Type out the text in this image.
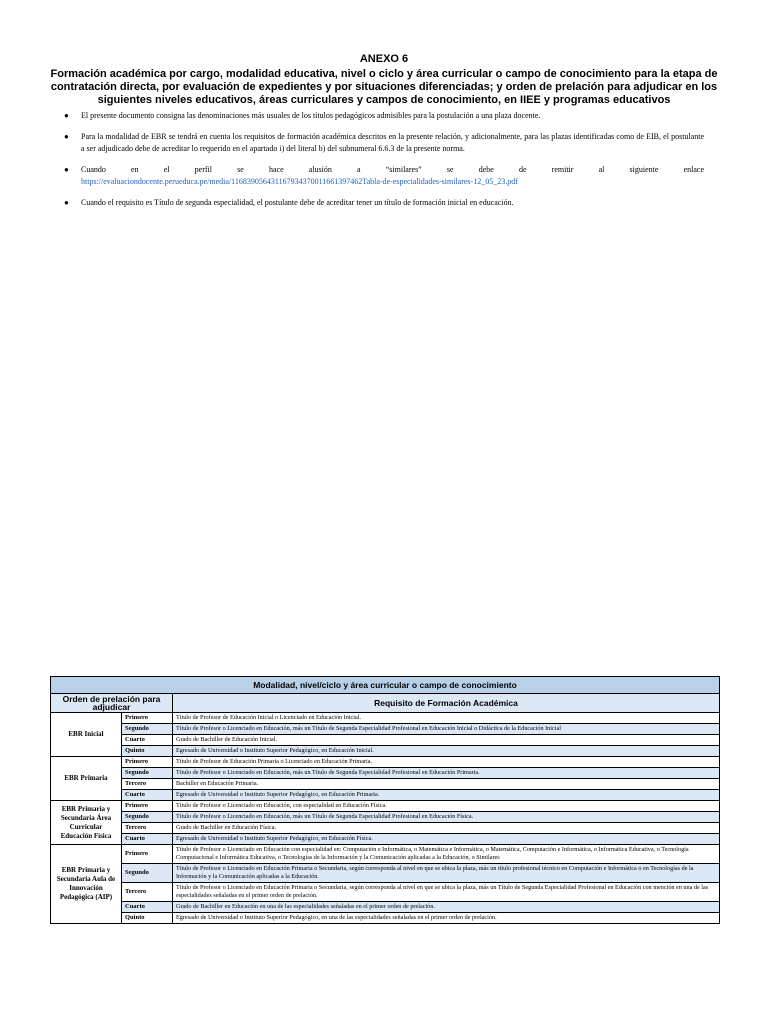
ANEXO 6
Formación académica por cargo, modalidad educativa, nivel o ciclo y área curricular o campo de conocimiento para la etapa de contratación directa, por evaluación de expedientes y por situaciones diferenciadas; y orden de prelación para adjudicar en los siguientes niveles educativos, áreas curriculares y campos de conocimiento, en IIEE y programas educativos
● El presente documento consigna las denominaciones más usuales de los títulos pedagógicos admisibles para la postulación a una plaza docente.
● Para la modalidad de EBR se tendrá en cuenta los requisitos de formación académica descritos en la presente relación, y adicionalmente, para las plazas identificadas como de EIB, el postulante a ser adjudicado debe de acreditar lo requerido en el apartado i) del literal b) del subnumeral 6.6.3 de la presente norma.
● Cuando en el perfil se hace alusión a “similares” se debe de remitir al siguiente enlace
https://evaluaciondocente.perueduca.pe/media/116839056431167934370011661397462Tabla-de-especialidades-similares-12_05_23.pdf
● Cuando el requisito es Título de segunda especialidad, el postulante debe de acreditar tener un título de formación inicial en educación.
Modalidad, nivel/ciclo y área curricular o campo de conocimiento		
Orden de prelación para adjudicar		Requisito de Formación Académica
EBR Inicial	Primero	Título de Profesor de Educación Inicial o Licenciado en Educación Inicial.
	Segundo	Título de Profesor o Licenciado en Educación, más un Título de Segunda Especialidad Profesional en Educación Inicial o Didáctica de la Educación Inicial
	Cuarto	Grado de Bachiller de Educación Inicial.
	Quinto	Egresado de Universidad o Instituto Superior Pedagógico, en Educación Inicial.
EBR Primaria	Primero	Título de Profesor de Educación Primaria o Licenciado en Educación Primaria.
	Segundo	Título de Profesor o Licenciado en Educación, más un Título de Segunda Especialidad Profesional en Educación Primaria.
	Tercero	Bachiller en Educación Primaria.
	Cuarto	Egresado de Universidad o Instituto Superior Pedagógico, en Educación Primaria.
EBR Primaria y Secundaria Área Curricular Educación Física	Primero	Título de Profesor o Licenciado en Educación, con especialidad en Educación Física.
	Segundo	Título de Profesor o Licenciado en Educación, más un Título de Segunda Especialidad Profesional en Educación Física.
	Tercero	Grado de Bachiller en Educación Física.
	Cuarto	Egresado de Universidad o Instituto Superior Pedagógico, en Educación Física.
EBR Primaria y Secundaria Aula de Innovación Pedagógica (AIP)	Primero	Título de Profesor o Licenciado en Educación con especialidad en: Computación e Informática, o Matemática e Informática, o Matemática, Computación e Informática, o Informática Educativa, o Tecnología Computacional e Informática Educativa, o Tecnologías de la Información y la Comunicación aplicadas a la Educación, o Similares
	Segundo	Título de Profesor o Licenciado en Educación Primaria o Secundaria, según corresponda al nivel en que se ubica la plaza, más un título profesional técnico en Computación e Informática o en Tecnologías de la Información y la Comunicación aplicadas a la Educación.
	Tercero	Título de Profesor o Licenciado en Educación Primaria o Secundaria, según corresponda al nivel en que se ubica la plaza, más un Título de Segunda Especialidad Profesional en Educación con mención en una de las especialidades señaladas en el primer orden de prelación.
	Cuarto	Grado de Bachiller en Educación en una de las especialidades señaladas en el primer orden de prelación.
	Quinto	Egresado de Universidad o Instituto Superior Pedagógico, en una de las especialidades señaladas en el primer orden de prelación.
